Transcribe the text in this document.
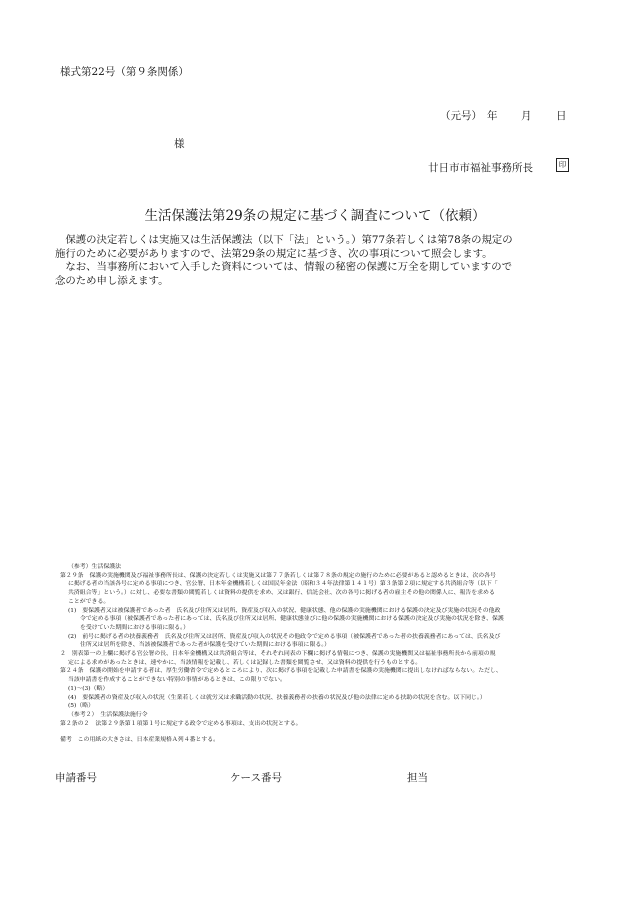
様式第22号（第９条関係）
（元号） 年 月 日
様
廿日市市福祉事務所長	印
生活保護法第29条の規定に基づく調査について（依頼）

　保護の決定若しくは実施又は生活保護法（以下「法」という。）第77条若しくは第78条の規定の

施行のために必要がありますので、法第29条の規定に基づき、次の事項について照会します。

　なお、当事務所において入手した資料については、情報の秘密の保護に万全を期していますので

念のため申し添えます。

（参考）生活保護法

第２９条　保護の実施機関及び福祉事務所長は、保護の決定若しくは実施又は第７７条若しくは第７８条の規定の施行のために必要があると認めるときは、次の各号

に掲げる者の当該各号に定める事項につき、官公署、日本年金機構若しくは国民年金法（昭和３４年法律第１４１号）第３条第２項に規定する共済組合等（以下「

共済組合等」という。）に対し、必要な書類の閲覧若しくは資料の提供を求め、又は銀行、信託会社、次の各号に掲げる者の雇主その他の関係人に、報告を求める

ことができる。

(1)　要保護者又は被保護者であった者　氏名及び住所又は居所、資産及び収入の状況、健康状態、他の保護の実施機関における保護の決定及び実施の状況その他政

令で定める事項（被保護者であった者にあっては、氏名及び住所又は居所、健康状態並びに他の保護の実施機関における保護の決定及び実施の状況を除き、保護

を受けていた期間における事項に限る。）

(2)　前号に掲げる者の扶養義務者　氏名及び住所又は居所、資産及び収入の状況その他政令で定める事項（被保護者であった者の扶養義務者にあっては、氏名及び

住所又は居所を除き、当該被保護者であった者が保護を受けていた期間における事項に限る。）

２　別表第一の上欄に掲げる官公署の長、日本年金機構又は共済組合等は、それぞれ同表の下欄に掲げる情報につき、保護の実施機関又は福祉事務所長から前項の規

定による求めがあったときは、速やかに、当該情報を記載し、若しくは記録した書類を閲覧させ、又は資料の提供を行うものとする。

第２４条　保護の開始を申請する者は、厚生労働省令で定めるところにより、次に掲げる事項を記載した申請書を保護の実施機関に提出しなければならない。ただし、

当該申請書を作成することができない特別の事情があるときは、この限りでない。

(1)～(3)（略）

(4)　要保護者の資産及び収入の状況（生業若しくは就労又は求職活動の状況、扶養義務者の扶養の状況及び他の法律に定める扶助の状況を含む。以下同じ。）

(5)（略）

（参考２）　生活保護法施行令

第２条の２　法第２９条第１項第１号に規定する政令で定める事項は、支出の状況とする。

備考　この用紙の大きさは、日本産業規格Ａ列４番とする。

申請番号	ケース番号	担当
